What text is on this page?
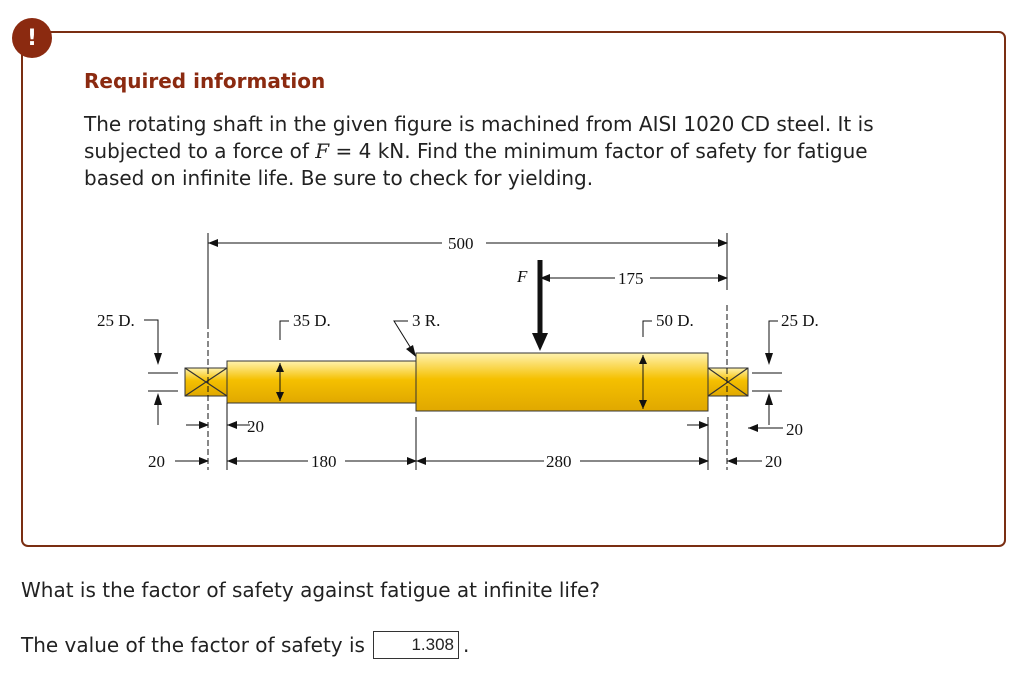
!
Required information

The rotating shaft in the given figure is machined from AISI 1020 CD steel. It is subjected to a force of F = 4 kN. Find the minimum factor of safety for fatigue based on infinite life. Be sure to check for yielding.

500
175
F
25 D.	35 D.	3 R.	50 D.	25 D.
20
20	180	280
20
20

What is the factor of safety against fatigue at infinite life?

The value of the factor of safety is	1.308 .
